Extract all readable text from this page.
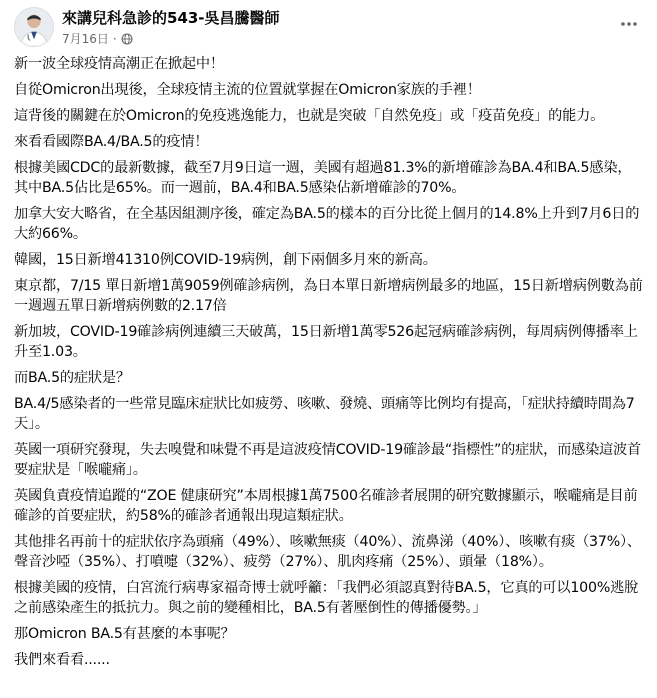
來講兒科急診的543-吳昌騰醫師
7月16日 ·

新一波全球疫情高潮正在掀起中！

自從Omicron出現後，全球疫情主流的位置就掌握在Omicron家族的手裡！

這背後的關鍵在於Omicron的免疫逃逸能力，也就是突破「自然免疫」或「疫苗免疫」的能力。

來看看國際BA.4/BA.5的疫情！

根據美國CDC的最新數據，截至7月9日這一週，美國有超過81.3%的新增確診為BA.4和BA.5感染，其中BA.5佔比是65%。而一週前，BA.4和BA.5感染佔新增確診的70%。

加拿大安大略省，在全基因組測序後，確定為BA.5的樣本的百分比從上個月的14.8%上升到7月6日的大約66%。

韓國，15日新增41310例COVID-19病例，創下兩個多月來的新高。

東京都，7/15 單日新增1萬9059例確診病例，為日本單日新增病例最多的地區，15日新增病例數為前一週週五單日新增病例數的2.17倍

新加坡，COVID-19確診病例連續三天破萬，15日新增1萬零526起冠病確診病例，每周病例傳播率上升至1.03。

而BA.5的症狀是？

BA.4/5感染者的一些常見臨床症狀比如疲勞、咳嗽、發燒、頭痛等比例均有提高，「症狀持續時間為7天」。

英國一項研究發現，失去嗅覺和味覺不再是這波疫情COVID-19確診最“指標性”的症狀，而感染這波首要症狀是「喉嚨痛」。

英國負責疫情追蹤的“ZOE 健康研究”本周根據1萬7500名確診者展開的研究數據顯示，喉嚨痛是目前確診的首要症狀，約58%的確診者通報出現這類症狀。

其他排名再前十的症狀依序為頭痛（49%）、咳嗽無痰（40%）、流鼻涕（40%）、咳嗽有痰（37%）、聲音沙啞（35%）、打噴嚏（32%）、疲勞（27%）、肌肉疼痛（25%）、頭暈（18%）。

根據美國的疫情，白宮流行病專家福奇博士就呼籲：「我們必須認真對待BA.5，它真的可以100%逃脫之前感染產生的抵抗力。與之前的變種相比，BA.5有著壓倒性的傳播優勢。」

那Omicron BA.5有甚麼的本事呢？

我們來看看......
